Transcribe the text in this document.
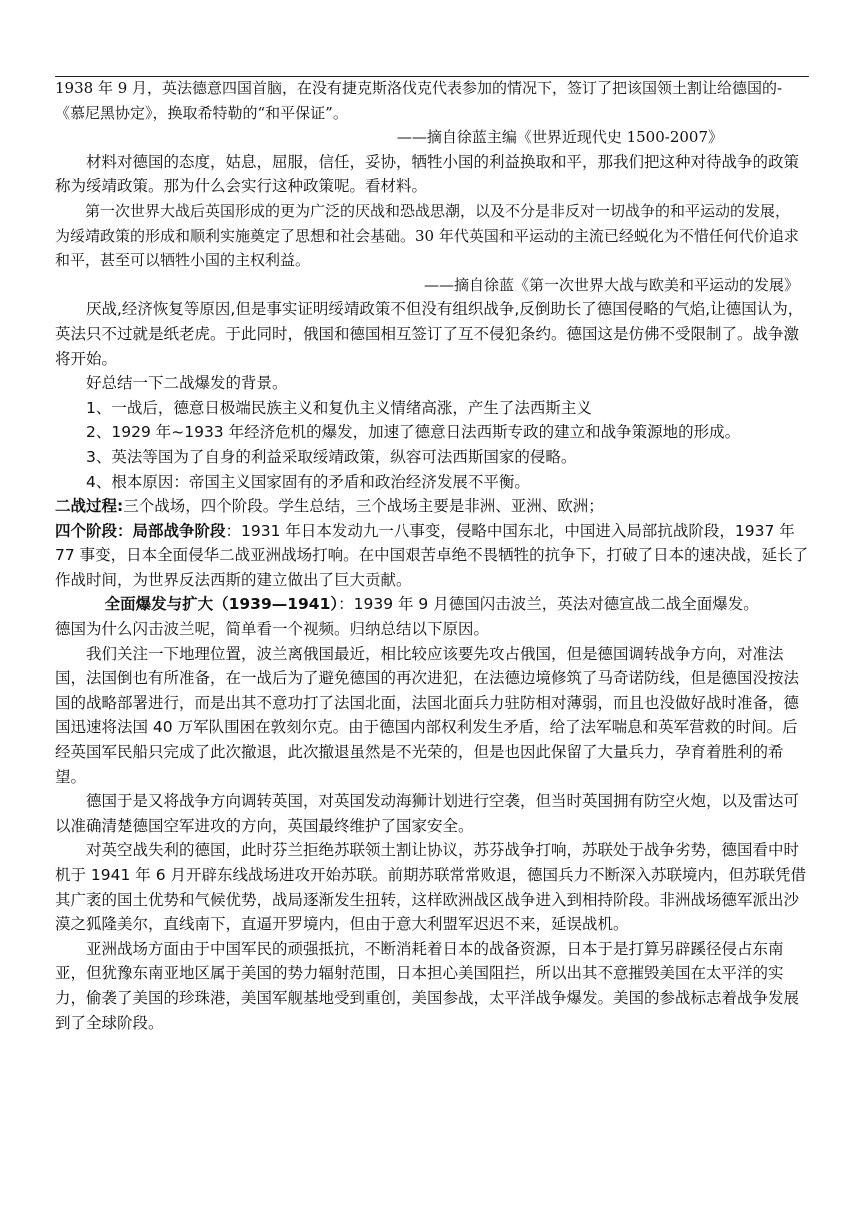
1938 年 9 月，英法德意四国首脑，在没有捷克斯洛伐克代表参加的情况下，签订了把该国领土割让给德国的-《慕尼黑协定》，换取希特勒的“和平保证”。

——摘自徐蓝主编《世界近现代史 1500-2007》

材料对德国的态度，姑息，屈服，信任，妥协，牺牲小国的利益换取和平，那我们把这种对待战争的政策称为绥靖政策。那为什么会实行这种政策呢。看材料。

第一次世界大战后英国形成的更为广泛的厌战和恐战思潮，以及不分是非反对一切战争的和平运动的发展， 为绥靖政策的形成和顺利实施奠定了思想和社会基础。30 年代英国和平运动的主流已经蜕化为不惜任何代价追求和平，甚至可以牺牲小国的主权利益。

——摘自徐蓝《第一次世界大战与欧美和平运动的发展》

厌战,经济恢复等原因,但是事实证明绥靖政策不但没有组织战争,反倒助长了德国侵略的气焰,让德国认为，英法只不过就是纸老虎。于此同时，俄国和德国相互签订了互不侵犯条约。德国这是仿佛不受限制了。战争激将开始。

好总结一下二战爆发的背景。

1、一战后，德意日极端民族主义和复仇主义情绪高涨，产生了法西斯主义

2、1929 年~1933 年经济危机的爆发，加速了德意日法西斯专政的建立和战争策源地的形成。

3、英法等国为了自身的利益采取绥靖政策，纵容可法西斯国家的侵略。

4、根本原因：帝国主义国家固有的矛盾和政治经济发展不平衡。

二战过程:三个战场，四个阶段。学生总结，三个战场主要是非洲、亚洲、欧洲；

四个阶段：局部战争阶段：1931 年日本发动九一八事变，侵略中国东北，中国进入局部抗战阶段，1937 年 77 事变，日本全面侵华二战亚洲战场打响。在中国艰苦卓绝不畏牺牲的抗争下，打破了日本的速决战，延长了作战时间，为世界反法西斯的建立做出了巨大贡献。

全面爆发与扩大（1939—1941）：1939 年 9 月德国闪击波兰，英法对德宣战二战全面爆发。

德国为什么闪击波兰呢，简单看一个视频。归纳总结以下原因。

我们关注一下地理位置，波兰离俄国最近，相比较应该要先攻占俄国，但是德国调转战争方向，对准法国，法国倒也有所准备，在一战后为了避免德国的再次进犯，在法德边境修筑了马奇诺防线，但是德国没按法国的战略部署进行，而是出其不意功打了法国北面，法国北面兵力驻防相对薄弱，而且也没做好战时准备，德国迅速将法国 40 万军队围困在敦刻尔克。由于德国内部权利发生矛盾，给了法军喘息和英军营救的时间。后经英国军民船只完成了此次撤退，此次撤退虽然是不光荣的，但是也因此保留了大量兵力，孕育着胜利的希望。

德国于是又将战争方向调转英国，对英国发动海狮计划进行空袭，但当时英国拥有防空火炮，以及雷达可以准确清楚德国空军进攻的方向，英国最终维护了国家安全。

对英空战失利的德国，此时芬兰拒绝苏联领土割让协议，苏芬战争打响，苏联处于战争劣势，德国看中时机于 1941 年 6 月开辟东线战场进攻开始苏联。前期苏联常常败退，德国兵力不断深入苏联境内，但苏联凭借其广袤的国土优势和气候优势，战局逐渐发生扭转，这样欧洲战区战争进入到相持阶段。非洲战场德军派出沙漠之狐隆美尔，直线南下，直逼开罗境内，但由于意大利盟军迟迟不来，延误战机。

亚洲战场方面由于中国军民的顽强抵抗，不断消耗着日本的战备资源，日本于是打算另辟蹊径侵占东南亚，但犹豫东南亚地区属于美国的势力辐射范围，日本担心美国阻拦，所以出其不意摧毁美国在太平洋的实力，偷袭了美国的珍珠港，美国军舰基地受到重创，美国参战，太平洋战争爆发。美国的参战标志着战争发展到了全球阶段。
